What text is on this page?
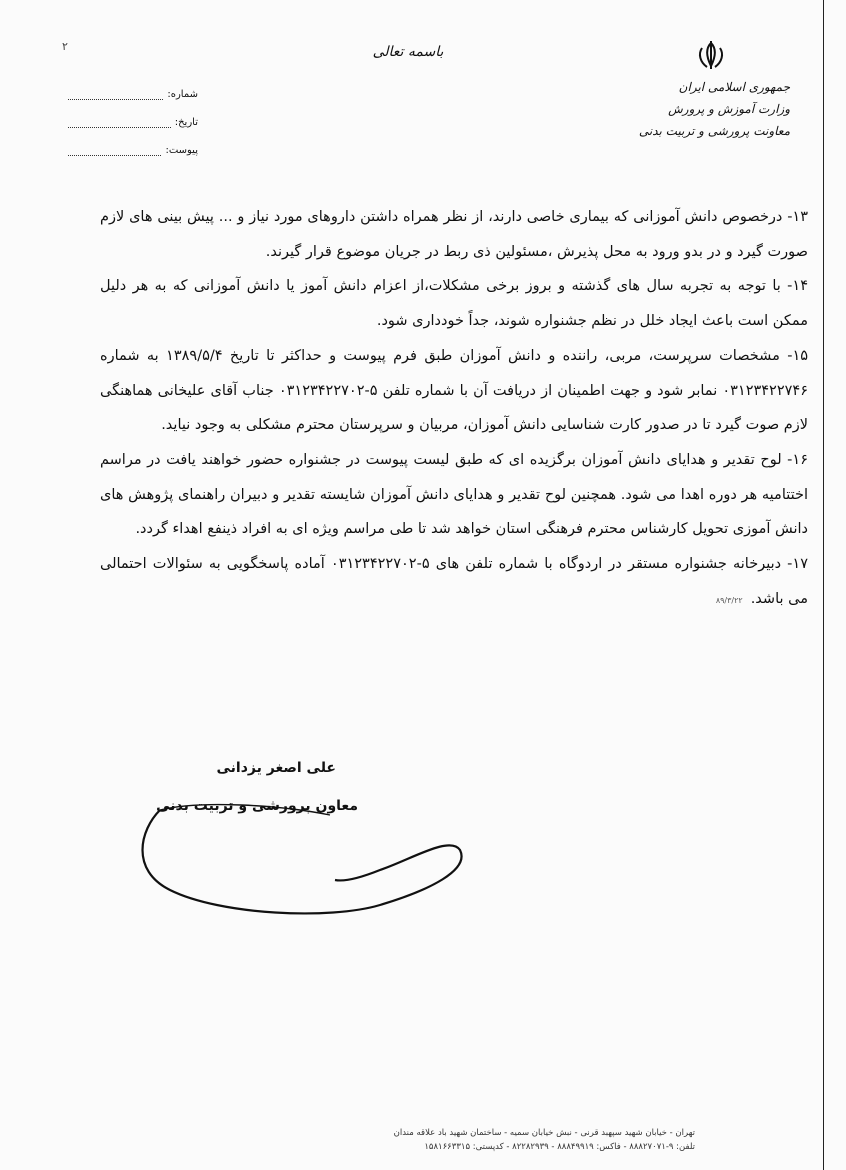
۲	باسمه تعالی
جمهوری اسلامی ایران
وزارت آموزش و پرورش
معاونت پرورشی و تربیت بدنی
شماره:
تاریخ:
پیوست:

۱۳- درخصوص دانش آموزانی که بیماری خاصی دارند، از نظر همراه داشتن داروهای مورد نیاز و ... پیش بینی های لازم صورت گیرد و در بدو ورود به محل پذیرش ،مسئولین ذی ربط در جریان موضوع قرار گیرند.

۱۴- با توجه به تجربه سال های گذشته و بروز برخی مشکلات،از اعزام دانش آموز یا دانش آموزانی که به هر دلیل ممکن است باعث ایجاد خلل در نظم جشنواره شوند، جداً خودداری شود.

۱۵- مشخصات سرپرست، مربی، راننده و دانش آموزان طبق فرم پیوست و حداکثر تا تاریخ ۱۳۸۹/۵/۴ به شماره ۰۳۱۲۳۴۲۲۷۴۶ نمابر شود و جهت اطمینان از دریافت آن با شماره تلفن ۵-۰۳۱۲۳۴۲۲۷۰۲ جناب آقای علیخانی هماهنگی لازم صوت گیرد تا در صدور کارت شناسایی دانش آموزان، مربیان و سرپرستان محترم مشکلی به وجود نیاید.

۱۶- لوح تقدیر و هدایای دانش آموزان برگزیده ای که طبق لیست پیوست در جشنواره حضور خواهند یافت در مراسم اختتامیه هر دوره اهدا می شود. همچنین لوح تقدیر و هدایای دانش آموزان شایسته تقدیر و دبیران راهنمای پژوهش های دانش آموزی تحویل کارشناس محترم فرهنگی استان خواهد شد تا طی مراسم ویژه ای به افراد ذینفع اهداء گردد.

۱۷- دبیرخانه جشنواره مستقر در اردوگاه با شماره تلفن های ۵-۰۳۱۲۳۴۲۲۷۰۲ آماده پاسخگویی به سئوالات احتمالی می باشد.۸۹/۳/۲۲

علی اصغر یزدانی
معاون پرورشی و تربیت بدنی
تهران - خیابان شهید سپهبد قرنی - نبش خیابان سمیه - ساختمان شهید باد علاقه مندان
تلفن: ۹-۸۸۸۲۷۰۷۱ - فاکس: ۸۸۸۴۹۹۱۹ - ۸۲۲۸۲۹۳۹ - کدپستی: ۱۵۸۱۶۶۳۳۱۵
